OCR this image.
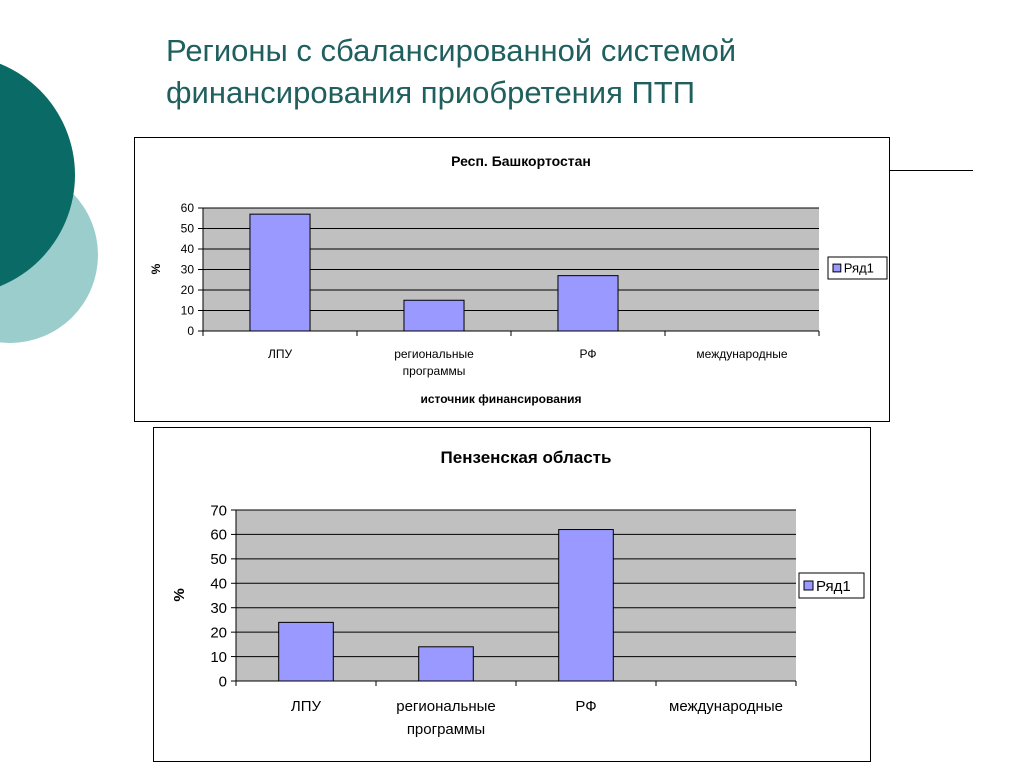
Регионы с сбалансированной системой
финансирования приобретения ПТП
Респ. Башкортостан
0
10
20
30
40
50
60
ЛПУ	региональные программы
РФ	международные
%
источник финансирования
Ряд1
Пензенская область
0
10
20
30
40
50
60
70
ЛПУ	региональные программы
РФ	международные
%
Ряд1
